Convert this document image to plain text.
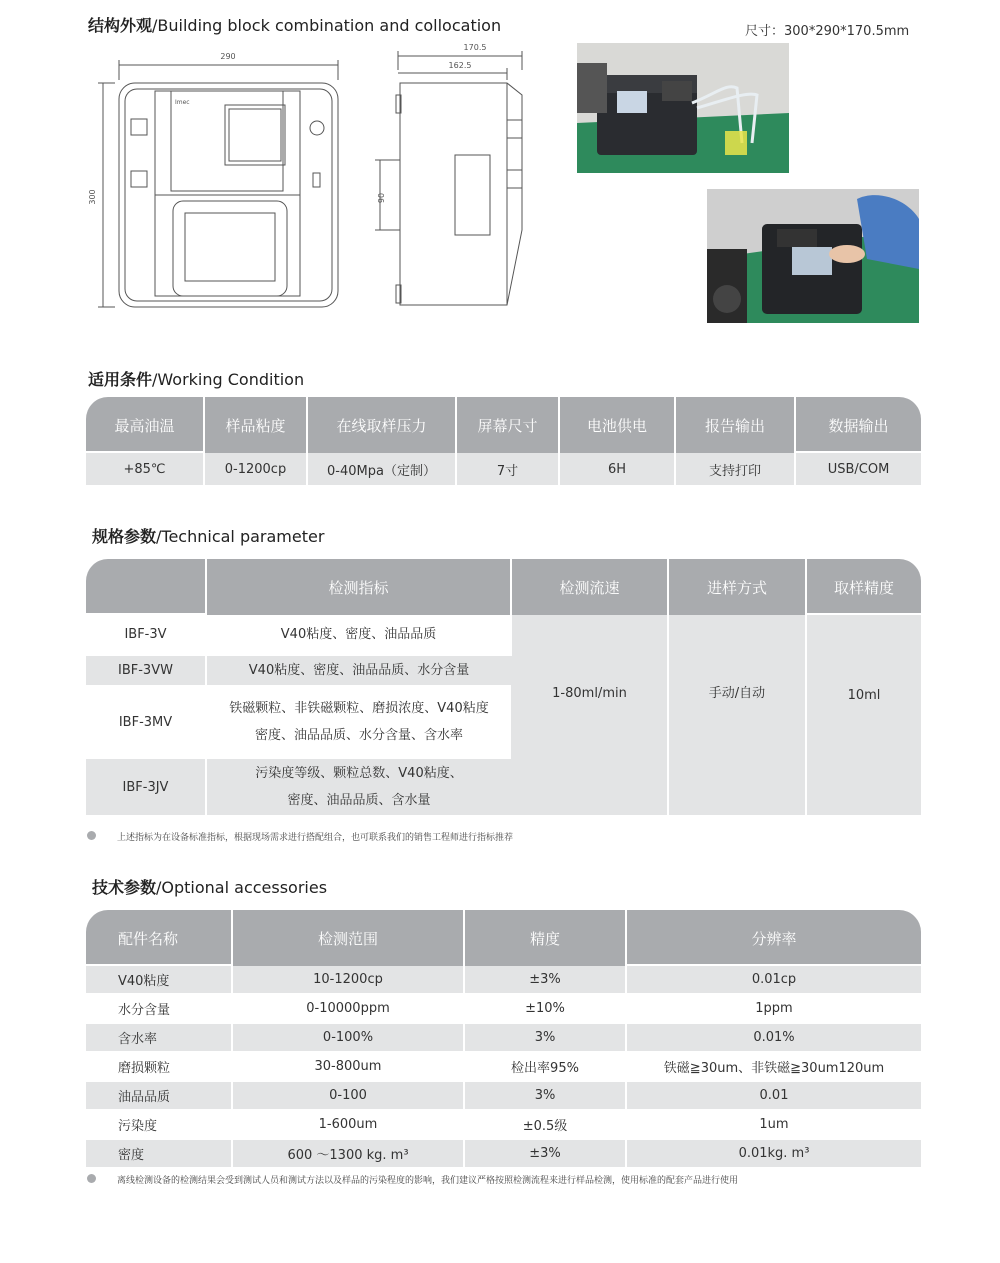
结构外观/Building block combination and collocation	尺寸：300*290*170.5mm
290
300
Imec
170.5
162.5
90
适用条件/Working Condition
最高油温	样品粘度	在线取样压力	屏幕尺寸	电池供电	报告输出	数据输出
+85℃	0-1200cp	0-40Mpa（定制）	7寸	6H	支持打印	USB/COM
规格参数/Technical parameter
	检测指标	检测流速	进样方式	取样精度
IBF-3V	V40粘度、密度、油品品质	1-80ml/min	手动/自动	10ml
IBF-3VW	V40粘度、密度、油品品质、水分含量			
IBF-3MV	铁磁颗粒、非铁磁颗粒、磨损浓度、V40粘度
密度、油品品质、水分含量、含水率			
IBF-3JV	污染度等级、颗粒总数、V40粘度、
密度、油品品质、含水量			
上述指标为在设备标准指标，根据现场需求进行搭配组合，也可联系我们的销售工程师进行指标推荐
技术参数/Optional accessories
配件名称	检测范围	精度	分辨率
V40粘度	10-1200cp	±3%	0.01cp
水分含量	0-10000ppm	±10%	1ppm
含水率	0-100%	3%	0.01%
磨损颗粒	30-800um	检出率95%	铁磁≧30um、非铁磁≧30um120um
油品品质	0-100	3%	0.01
污染度	1-600um	±0.5级	1um
密度	600 ～1300 kg. m³	±3%	0.01kg. m³
离线检测设备的检测结果会受到测试人员和测试方法以及样品的污染程度的影响，我们建议严格按照检测流程来进行样品检测，使用标准的配套产品进行使用
